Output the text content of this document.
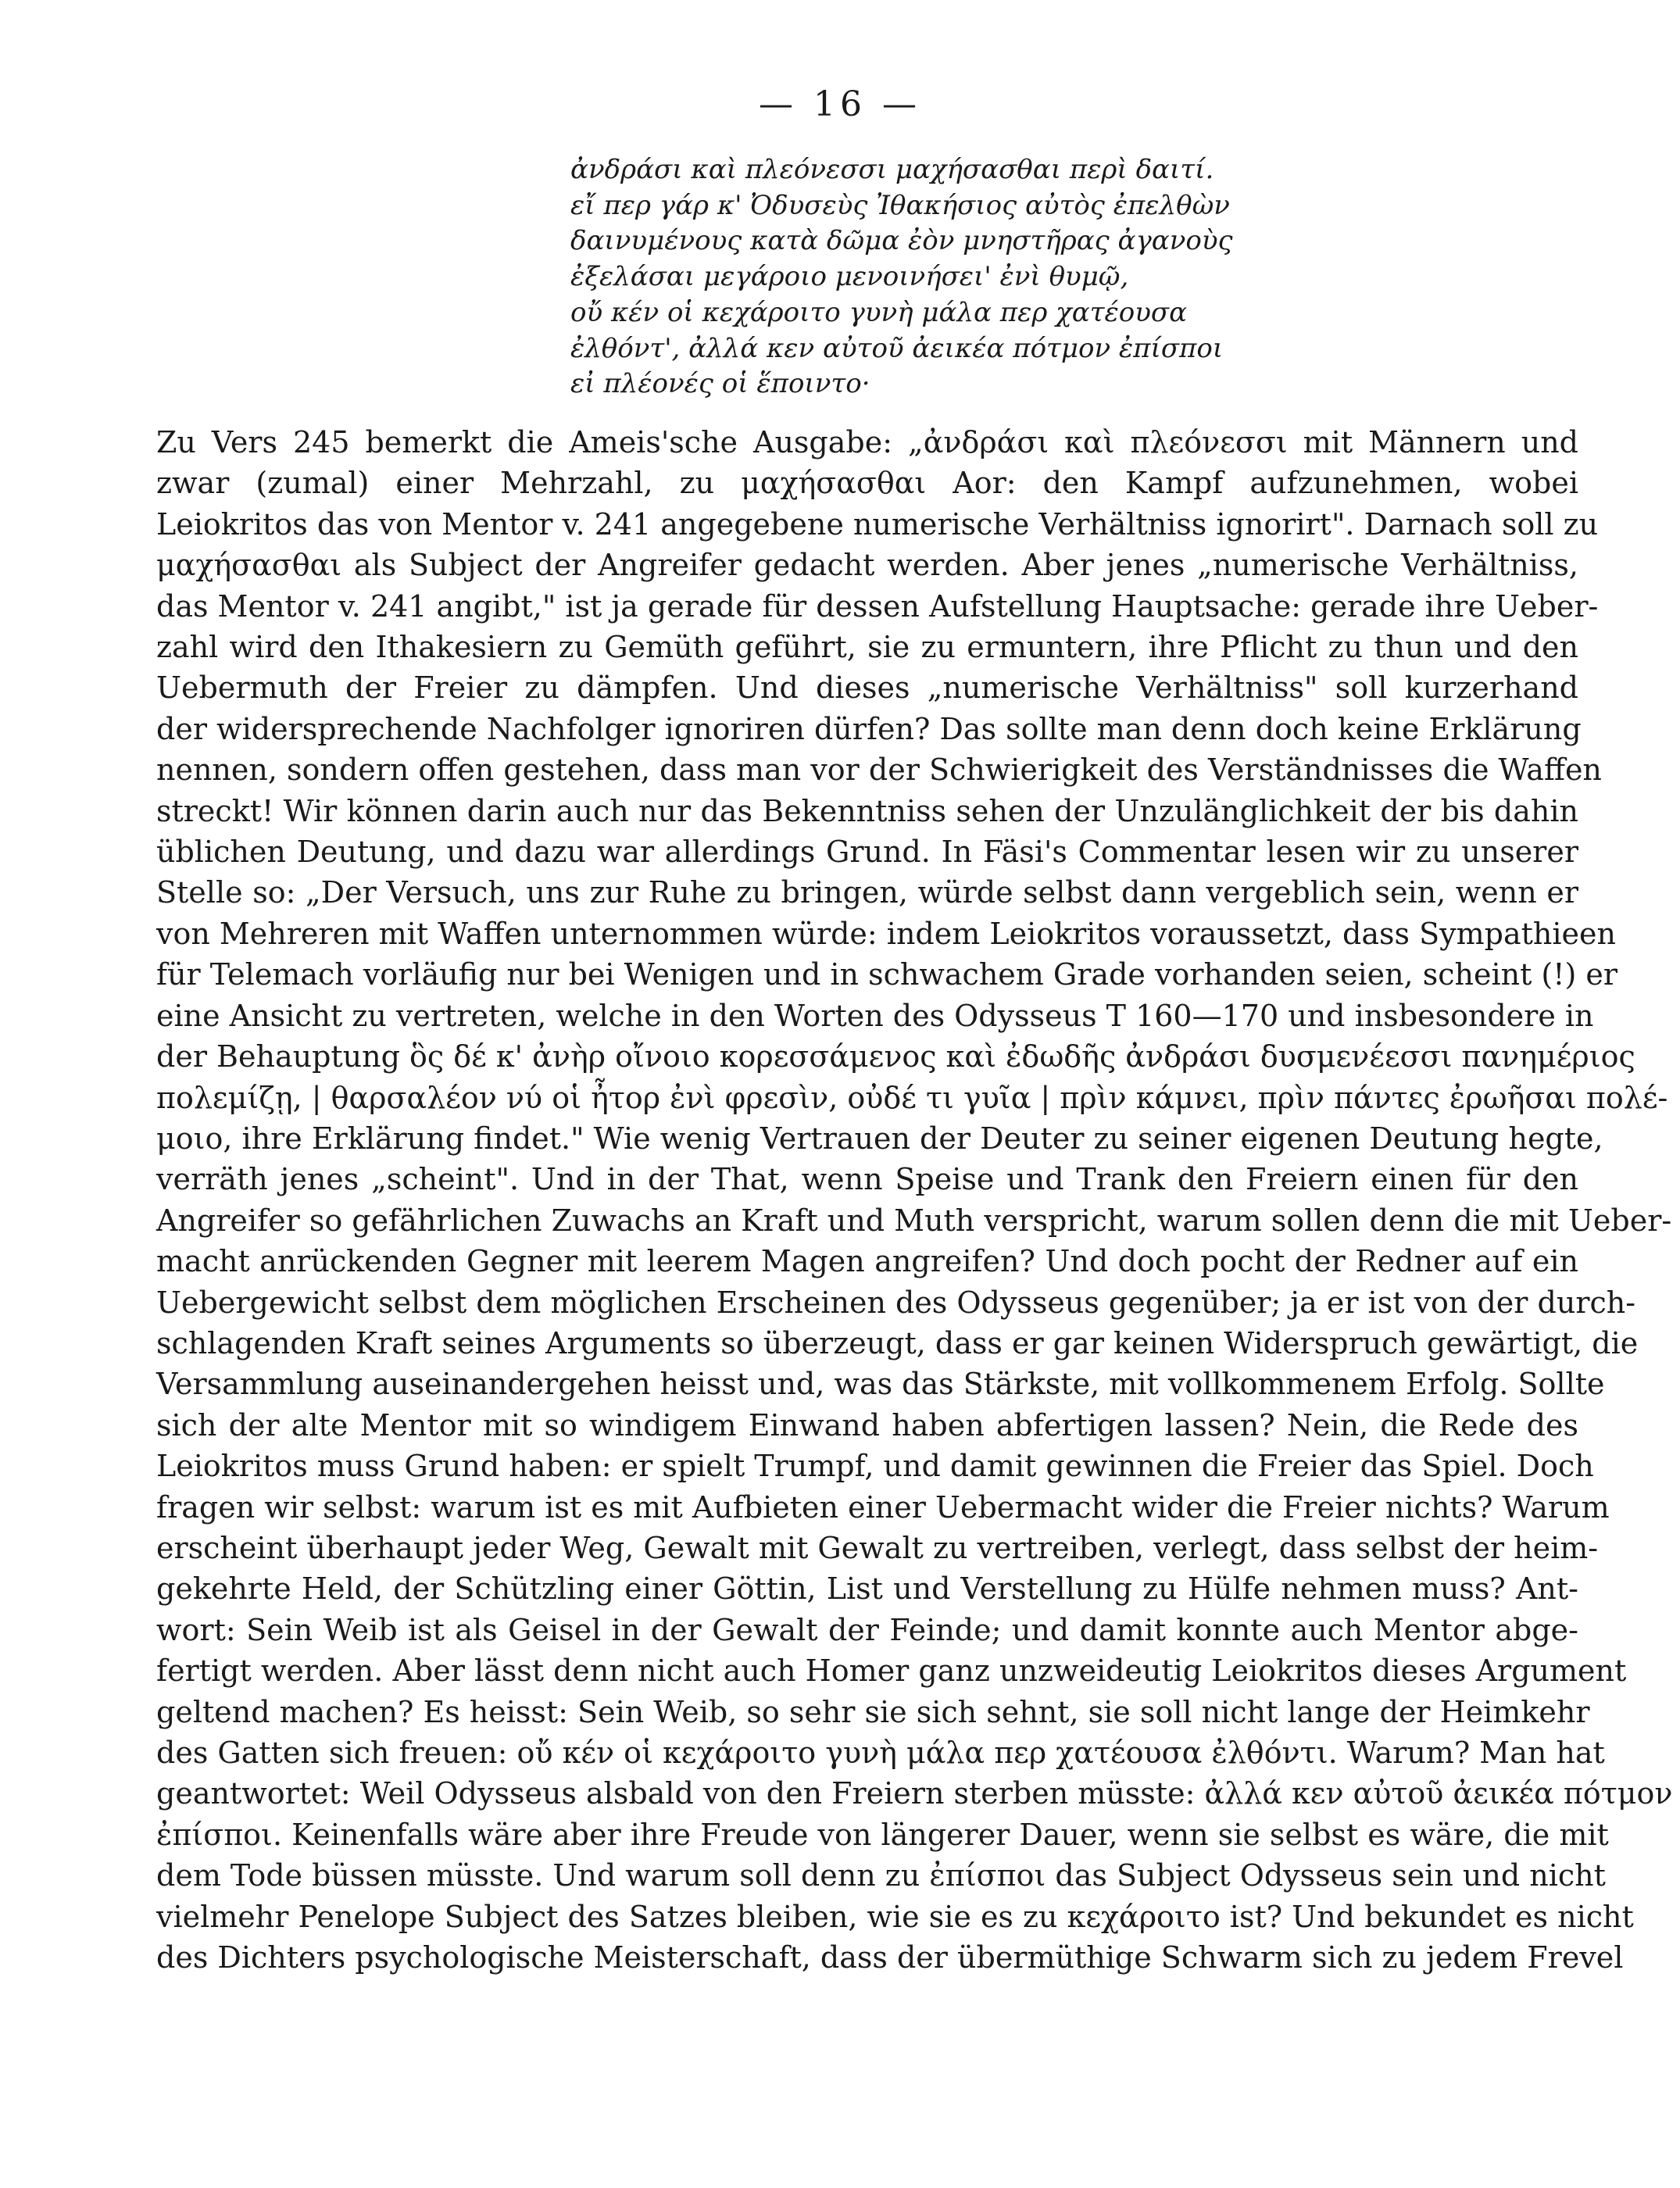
— 16 —
ἀνδράσι καὶ πλεόνεσσι μαχήσασθαι περὶ δαιτί.
εἴ περ γάρ κ' Ὀδυσεὺς Ἰθακήσιος αὐτὸς ἐπελθὼν
δαινυμένους κατὰ δῶμα ἐὸν μνηστῆρας ἀγανοὺς
ἐξελάσαι μεγάροιο μενοινήσει' ἐνὶ θυμῷ,
οὔ κέν οἱ κεχάροιτο γυνὴ μάλα περ χατέουσα
ἐλθόντ', ἀλλά κεν αὐτοῦ ἀεικέα πότμον ἐπίσποι
εἰ πλέονές οἱ ἕποιντο·
Zu Vers 245 bemerkt die Ameis'sche Ausgabe: „ἀνδράσι καὶ πλεόνεσσι mit Männern und
zwar (zumal) einer Mehrzahl, zu μαχήσασθαι Aor: den Kampf aufzunehmen, wobei
Leiokritos das von Mentor v. 241 angegebene numerische Verhältniss ignorirt". Darnach soll zu
μαχήσασθαι als Subject der Angreifer gedacht werden. Aber jenes „numerische Verhältniss,
das Mentor v. 241 angibt," ist ja gerade für dessen Aufstellung Hauptsache: gerade ihre Ueber-
zahl wird den Ithakesiern zu Gemüth geführt, sie zu ermuntern, ihre Pflicht zu thun und den
Uebermuth der Freier zu dämpfen. Und dieses „numerische Verhältniss" soll kurzerhand
der widersprechende Nachfolger ignoriren dürfen? Das sollte man denn doch keine Erklärung
nennen, sondern offen gestehen, dass man vor der Schwierigkeit des Verständnisses die Waffen
streckt! Wir können darin auch nur das Bekenntniss sehen der Unzulänglichkeit der bis dahin
üblichen Deutung, und dazu war allerdings Grund. In Fäsi's Commentar lesen wir zu unserer
Stelle so: „Der Versuch, uns zur Ruhe zu bringen, würde selbst dann vergeblich sein, wenn er
von Mehreren mit Waffen unternommen würde: indem Leiokritos voraussetzt, dass Sympathieen
für Telemach vorläufig nur bei Wenigen und in schwachem Grade vorhanden seien, scheint (!) er
eine Ansicht zu vertreten, welche in den Worten des Odysseus T 160—170 und insbesondere in
der Behauptung ὃς δέ κ' ἀνὴρ οἴνοιο κορεσσάμενος καὶ ἐδωδῆς ἀνδράσι δυσμενέεσσι πανημέριος
πολεμίζῃ, | θαρσαλέον νύ οἱ ἦτορ ἐνὶ φρεσὶν, οὐδέ τι γυῖα | πρὶν κάμνει, πρὶν πάντες ἐρωῆσαι πολέ-
μοιο, ihre Erklärung findet." Wie wenig Vertrauen der Deuter zu seiner eigenen Deutung hegte,
verräth jenes „scheint". Und in der That, wenn Speise und Trank den Freiern einen für den
Angreifer so gefährlichen Zuwachs an Kraft und Muth verspricht, warum sollen denn die mit Ueber-
macht anrückenden Gegner mit leerem Magen angreifen? Und doch pocht der Redner auf ein
Uebergewicht selbst dem möglichen Erscheinen des Odysseus gegenüber; ja er ist von der durch-
schlagenden Kraft seines Arguments so überzeugt, dass er gar keinen Widerspruch gewärtigt, die
Versammlung auseinandergehen heisst und, was das Stärkste, mit vollkommenem Erfolg. Sollte
sich der alte Mentor mit so windigem Einwand haben abfertigen lassen? Nein, die Rede des
Leiokritos muss Grund haben: er spielt Trumpf, und damit gewinnen die Freier das Spiel. Doch
fragen wir selbst: warum ist es mit Aufbieten einer Uebermacht wider die Freier nichts? Warum
erscheint überhaupt jeder Weg, Gewalt mit Gewalt zu vertreiben, verlegt, dass selbst der heim-
gekehrte Held, der Schützling einer Göttin, List und Verstellung zu Hülfe nehmen muss? Ant-
wort: Sein Weib ist als Geisel in der Gewalt der Feinde; und damit konnte auch Mentor abge-
fertigt werden. Aber lässt denn nicht auch Homer ganz unzweideutig Leiokritos dieses Argument
geltend machen? Es heisst: Sein Weib, so sehr sie sich sehnt, sie soll nicht lange der Heimkehr
des Gatten sich freuen: οὔ κέν οἱ κεχάροιτο γυνὴ μάλα περ χατέουσα ἐλθόντι. Warum? Man hat
geantwortet: Weil Odysseus alsbald von den Freiern sterben müsste: ἀλλά κεν αὐτοῦ ἀεικέα πότμον
ἐπίσποι. Keinenfalls wäre aber ihre Freude von längerer Dauer, wenn sie selbst es wäre, die mit
dem Tode büssen müsste. Und warum soll denn zu ἐπίσποι das Subject Odysseus sein und nicht
vielmehr Penelope Subject des Satzes bleiben, wie sie es zu κεχάροιτο ist? Und bekundet es nicht
des Dichters psychologische Meisterschaft, dass der übermüthige Schwarm sich zu jedem Frevel
